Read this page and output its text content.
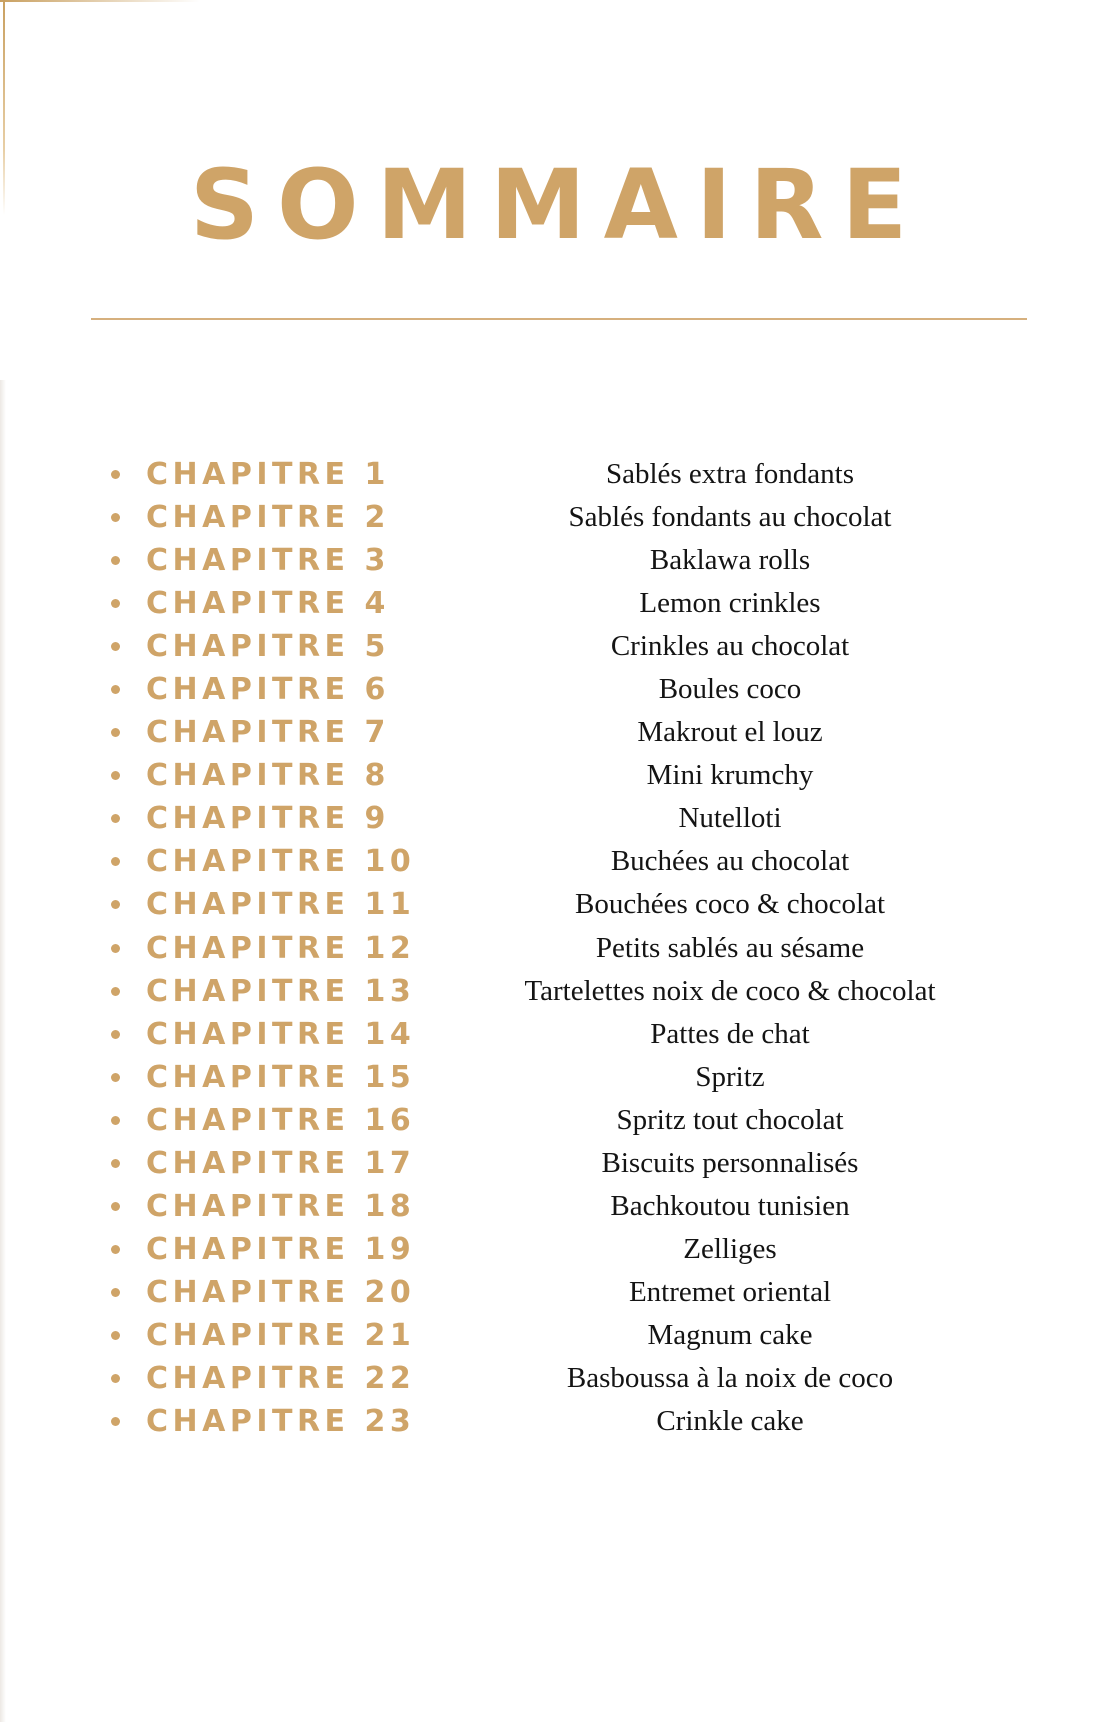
SOMMAIRE
CHAPITRE 1	Sablés extra fondants
CHAPITRE 2	Sablés fondants au chocolat
CHAPITRE 3	Baklawa rolls
CHAPITRE 4	Lemon crinkles
CHAPITRE 5	Crinkles au chocolat
CHAPITRE 6	Boules coco
CHAPITRE 7	Makrout el louz
CHAPITRE 8	Mini krumchy
CHAPITRE 9	Nutelloti
CHAPITRE 10	Buchées au chocolat
CHAPITRE 11	Bouchées coco & chocolat
CHAPITRE 12	Petits sablés au sésame
CHAPITRE 13	Tartelettes noix de coco & chocolat
CHAPITRE 14	Pattes de chat
CHAPITRE 15	Spritz
CHAPITRE 16	Spritz tout chocolat
CHAPITRE 17	Biscuits personnalisés
CHAPITRE 18	Bachkoutou tunisien
CHAPITRE 19	Zelliges
CHAPITRE 20	Entremet oriental
CHAPITRE 21	Magnum cake
CHAPITRE 22	Basboussa à la noix de coco
CHAPITRE 23	Crinkle cake
